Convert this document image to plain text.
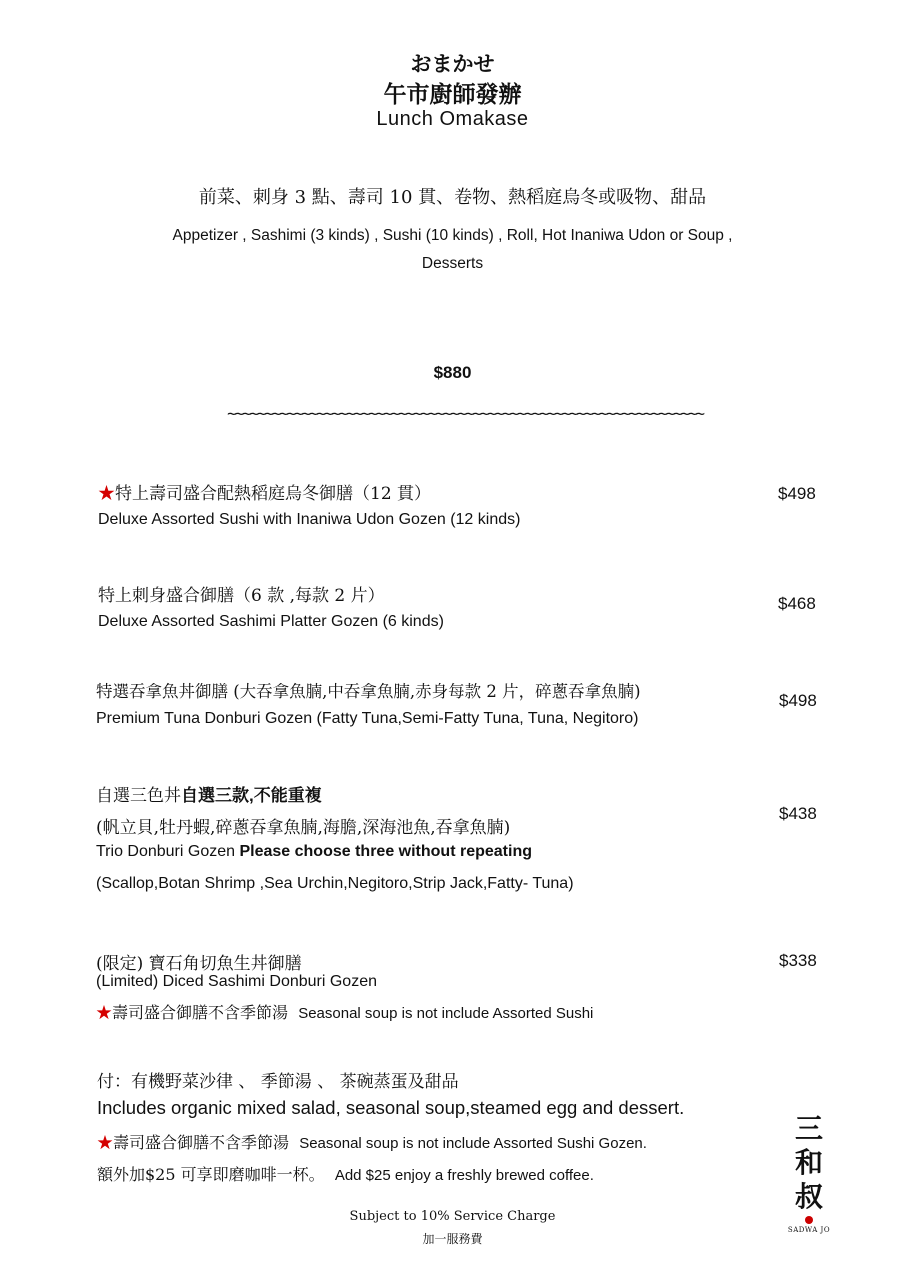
おまかせ
午市廚師發辦
Lunch Omakase
前菜、刺身 3 點、壽司 10 貫、卷物、熱稻庭烏冬或吸物、甜品
Appetizer , Sashimi (3 kinds) , Sushi (10 kinds) , Roll, Hot Inaniwa Udon or Soup ,
Desserts
$880
~~~~~~~~~~~~~~~~~~~~~~~~~~~~~~~~~~~~~~~~~~~~~~~~~~~~~~~~~~~~~~~~
★特上壽司盛合配熱稻庭烏冬御膳（12 貫）
Deluxe Assorted Sushi with Inaniwa Udon Gozen (12 kinds)
$498
特上刺身盛合御膳（6 款 ,每款 2 片）
Deluxe Assorted Sashimi Platter Gozen (6 kinds)
$468
特選吞拿魚丼御膳 (大吞拿魚腩,中吞拿魚腩,赤身每款 2 片，碎蔥吞拿魚腩)
Premium Tuna Donburi Gozen (Fatty Tuna,Semi-Fatty Tuna, Tuna, Negitoro)
$498
自選三色丼自選三款,不能重複
(帆立貝,牡丹蝦,碎蔥吞拿魚腩,海膽,深海池魚,吞拿魚腩)
Trio Donburi Gozen Please choose three without repeating
(Scallop,Botan Shrimp ,Sea Urchin,Negitoro,Strip Jack,Fatty- Tuna)
$438
(限定) 寶石角切魚生丼御膳
(Limited) Diced Sashimi Donburi Gozen
★壽司盛合御膳不含季節湯 Seasonal soup is not include Assorted Sushi
$338
付：有機野菜沙律 、 季節湯 、 茶碗蒸蛋及甜品
Includes organic mixed salad, seasonal soup,steamed egg and dessert.
★壽司盛合御膳不含季節湯 Seasonal soup is not include Assorted Sushi Gozen.
額外加$25 可享即磨咖啡一杯。 Add $25 enjoy a freshly brewed coffee.
Subject to 10% Service Charge
加一服務費
三
和
叔
SADWA JO
